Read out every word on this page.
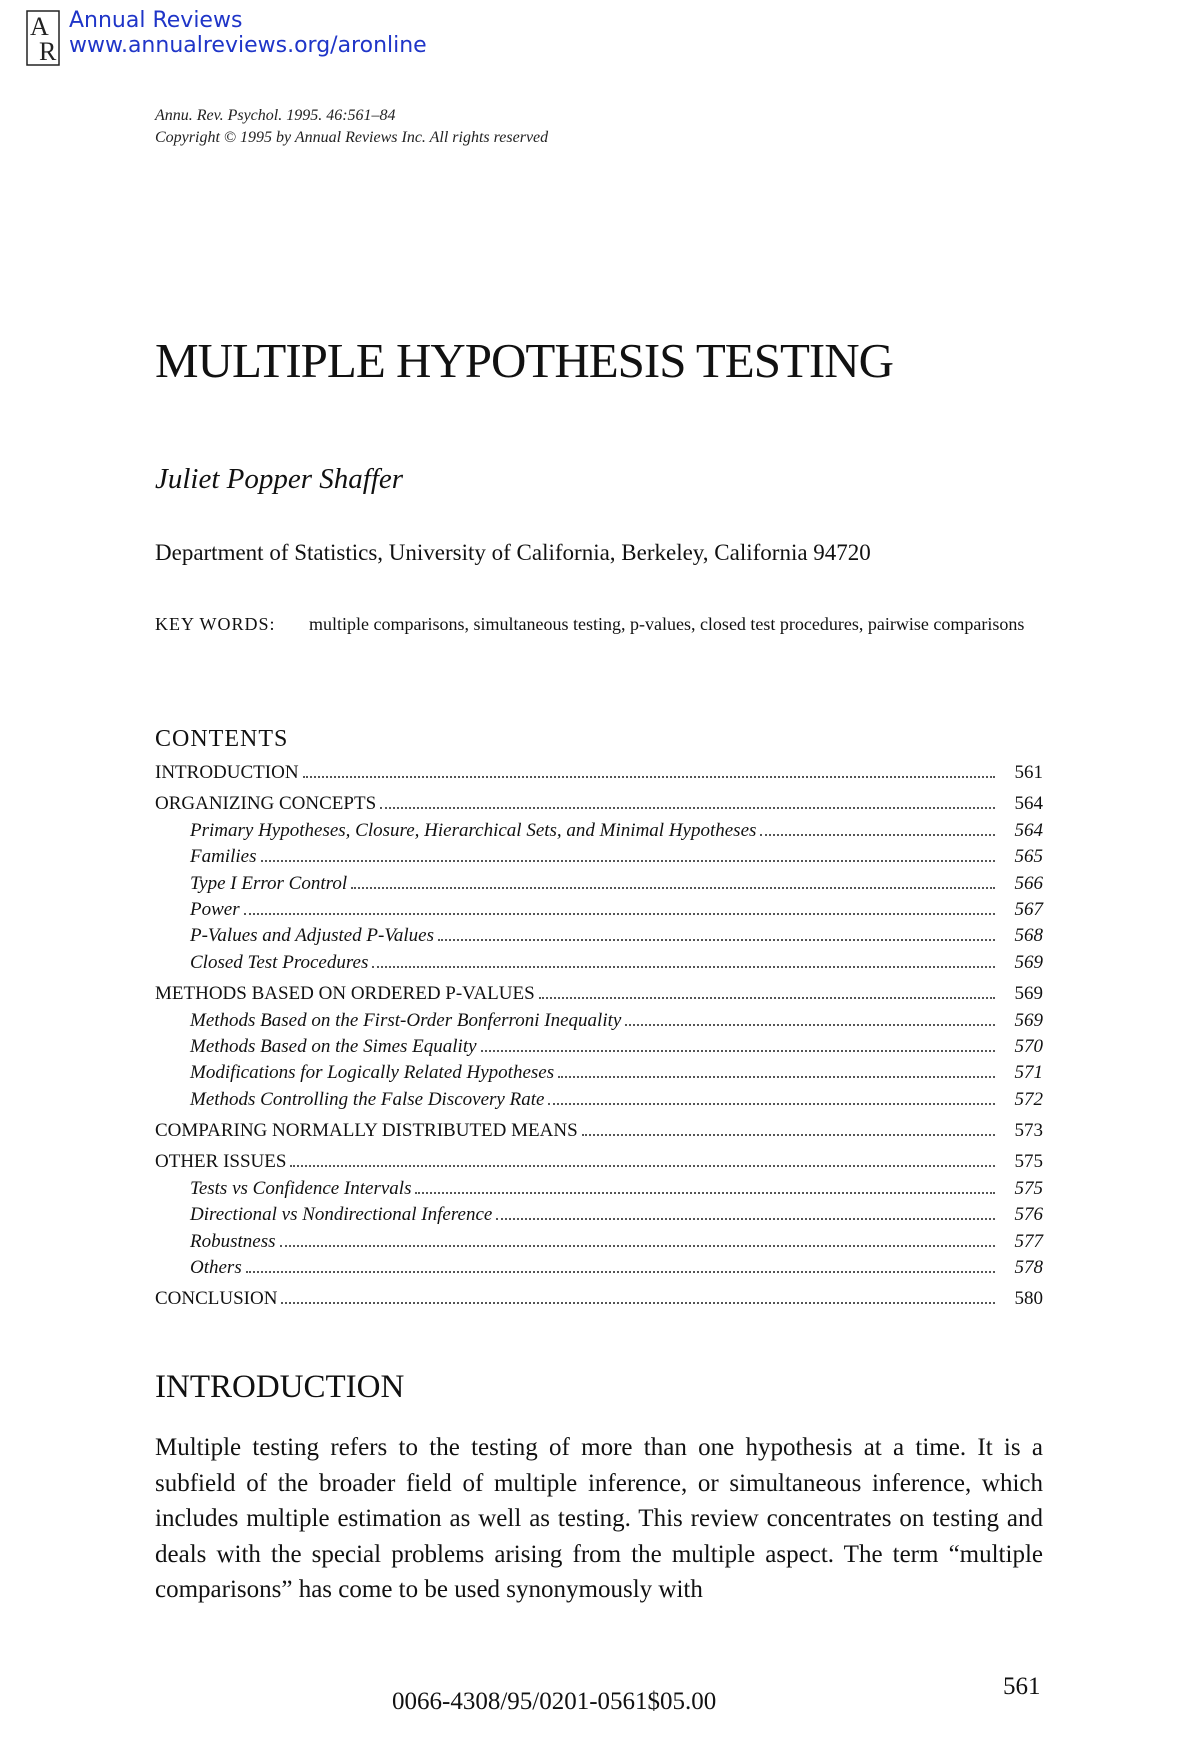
A
R
Annual Reviews
www.annualreviews.org/aronline
Annu. Rev. Psychol. 1995. 46:561–84
Copyright © 1995 by Annual Reviews Inc. All rights reserved
MULTIPLE HYPOTHESIS TESTING
Juliet Popper Shaffer
Department of Statistics, University of California, Berkeley, California 94720
KEY WORDS: multiple comparisons, simultaneous testing, p-values, closed test procedures, pairwise comparisons
CONTENTS
INTRODUCTION	561
ORGANIZING CONCEPTS	564
Primary Hypotheses, Closure, Hierarchical Sets, and Minimal Hypotheses	564
Families	565
Type I Error Control	566
Power	567
P-Values and Adjusted P-Values	568
Closed Test Procedures	569
METHODS BASED ON ORDERED P-VALUES	569
Methods Based on the First-Order Bonferroni Inequality	569
Methods Based on the Simes Equality	570
Modifications for Logically Related Hypotheses	571
Methods Controlling the False Discovery Rate	572
COMPARING NORMALLY DISTRIBUTED MEANS	573
OTHER ISSUES	575
Tests vs Confidence Intervals	575
Directional vs Nondirectional Inference	576
Robustness	577
Others	578
CONCLUSION	580
INTRODUCTION

Multiple testing refers to the testing of more than one hypothesis at a time. It is a subfield of the broader field of multiple inference, or simultaneous inference, which includes multiple estimation as well as testing. This review concentrates on testing and deals with the special problems arising from the multiple aspect. The term “multiple comparisons” has come to be used synonymously with

0066-4308/95/0201-0561$05.00
561
